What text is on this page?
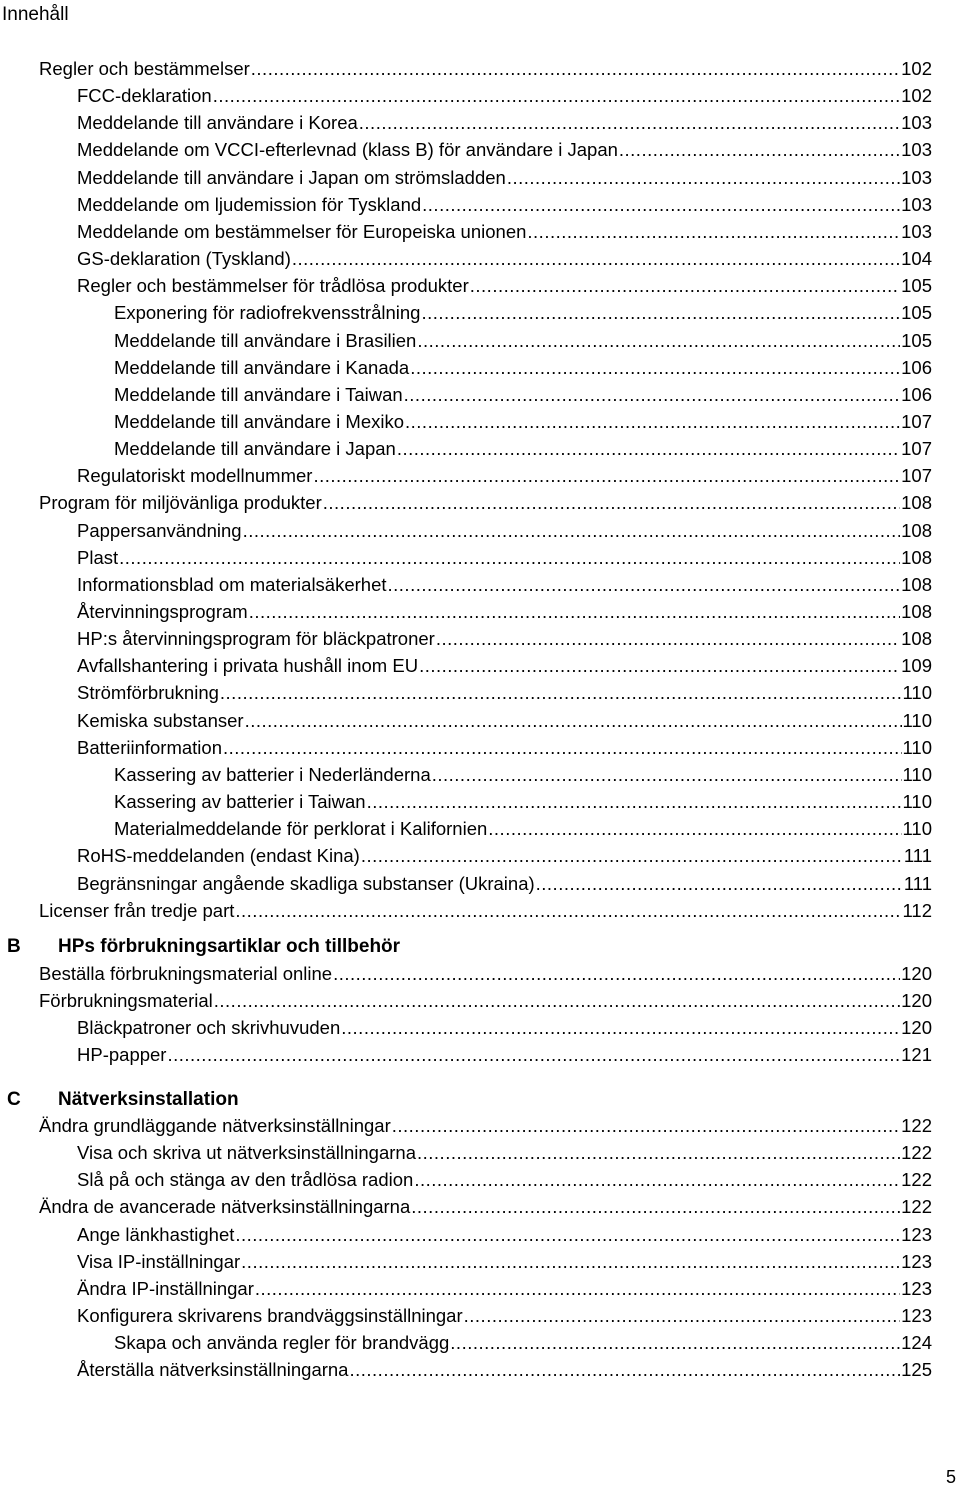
Innehåll
Regler och bestämmelser .....	102
FCC-deklaration .....	102
Meddelande till användare i Korea .....	103
Meddelande om VCCI-efterlevnad (klass B) för användare i Japan .....	103
Meddelande till användare i Japan om strömsladden .....	103
Meddelande om ljudemission för Tyskland .....	103
Meddelande om bestämmelser för Europeiska unionen .....	103
GS-deklaration (Tyskland) .....	104
Regler och bestämmelser för trådlösa produkter .....	105
Exponering för radiofrekvensstrålning .....	105
Meddelande till användare i Brasilien .....	105
Meddelande till användare i Kanada .....	106
Meddelande till användare i Taiwan .....	106
Meddelande till användare i Mexiko .....	107
Meddelande till användare i Japan .....	107
Regulatoriskt modellnummer .....	107
Program för miljövänliga produkter .....	108
Pappersanvändning .....	108
Plast .....	108
Informationsblad om materialsäkerhet .....	108
Återvinningsprogram .....	108
HP:s återvinningsprogram för bläckpatroner .....	108
Avfallshantering i privata hushåll inom EU .....	109
Strömförbrukning .....	110
Kemiska substanser .....	110
Batteriinformation .....	110
Kassering av batterier i Nederländerna .....	110
Kassering av batterier i Taiwan .....	110
Materialmeddelande för perklorat i Kalifornien .....	110
RoHS-meddelanden (endast Kina) .....	111
Begränsningar angående skadliga substanser (Ukraina) .....	111
Licenser från tredje part .....	112
B HPs förbrukningsartiklar och tillbehör
Beställa förbrukningsmaterial online .....	120
Förbrukningsmaterial .....	120
Bläckpatroner och skrivhuvuden .....	120
HP-papper .....	121
C Nätverksinstallation
Ändra grundläggande nätverksinställningar .....	122
Visa och skriva ut nätverksinställningarna .....	122
Slå på och stänga av den trådlösa radion .....	122
Ändra de avancerade nätverksinställningarna .....	122
Ange länkhastighet .....	123
Visa IP-inställningar .....	123
Ändra IP-inställningar .....	123
Konfigurera skrivarens brandväggsinställningar .....	123
Skapa och använda regler för brandvägg .....	124
Återställa nätverksinställningarna .....	125
5
